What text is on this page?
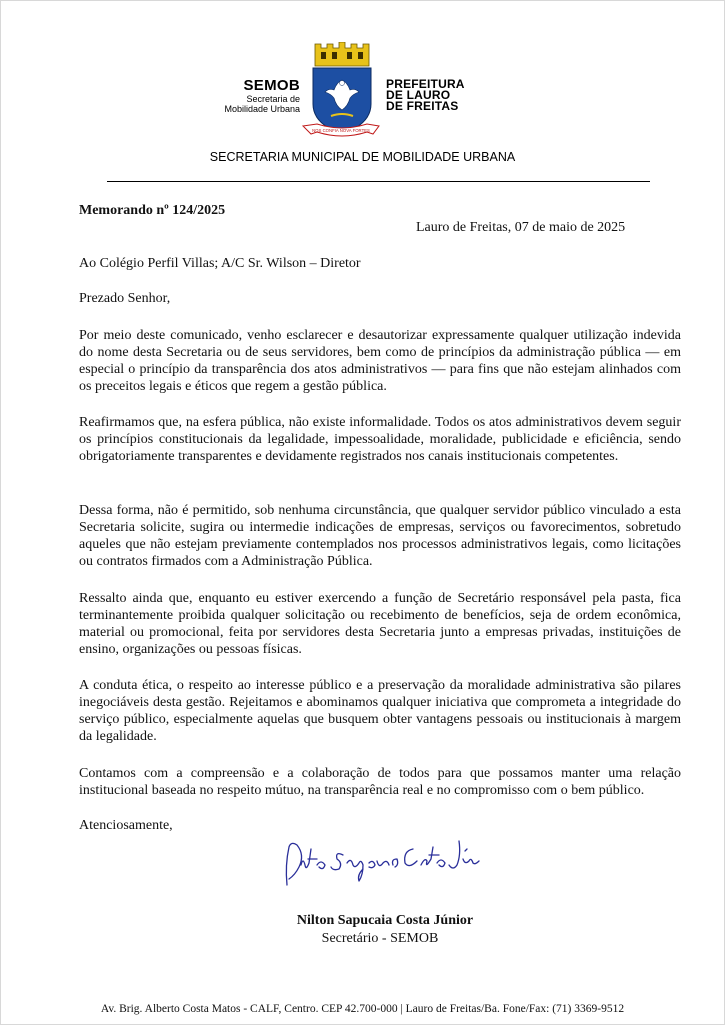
SEMOB
Secretaria de
Mobilidade Urbana
NOS CONFIA NOVA FORTES
PREFEITURA
DE LAURO
DE FREITAS
SECRETARIA MUNICIPAL DE MOBILIDADE URBANA
Memorando nº 124/2025
Lauro de Freitas, 07 de maio de 2025
Ao Colégio Perfil Villas; A/C Sr. Wilson – Diretor
Prezado Senhor,
Por meio deste comunicado, venho esclarecer e desautorizar expressamente qualquer utilização indevida do nome desta Secretaria ou de seus servidores, bem como de princípios da administração pública — em especial o princípio da transparência dos atos administrativos — para fins que não estejam alinhados com os preceitos legais e éticos que regem a gestão pública.
Reafirmamos que, na esfera pública, não existe informalidade. Todos os atos administrativos devem seguir os princípios constitucionais da legalidade, impessoalidade, moralidade, publicidade e eficiência, sendo obrigatoriamente transparentes e devidamente registrados nos canais institucionais competentes.
Dessa forma, não é permitido, sob nenhuma circunstância, que qualquer servidor público vinculado a esta Secretaria solicite, sugira ou intermedie indicações de empresas, serviços ou favorecimentos, sobretudo aqueles que não estejam previamente contemplados nos processos administrativos legais, como licitações ou contratos firmados com a Administração Pública.
Ressalto ainda que, enquanto eu estiver exercendo a função de Secretário responsável pela pasta, fica terminantemente proibida qualquer solicitação ou recebimento de benefícios, seja de ordem econômica, material ou promocional, feita por servidores desta Secretaria junto a empresas privadas, instituições de ensino, organizações ou pessoas físicas.
A conduta ética, o respeito ao interesse público e a preservação da moralidade administrativa são pilares inegociáveis desta gestão. Rejeitamos e abominamos qualquer iniciativa que comprometa a integridade do serviço público, especialmente aquelas que busquem obter vantagens pessoais ou institucionais à margem da legalidade.
Contamos com a compreensão e a colaboração de todos para que possamos manter uma relação institucional baseada no respeito mútuo, na transparência real e no compromisso com o bem público.
Atenciosamente,
Nilton Sapucaia Costa Júnior
Secretário - SEMOB
Av. Brig. Alberto Costa Matos - CALF, Centro. CEP 42.700-000 | Lauro de Freitas/Ba. Fone/Fax: (71) 3369-9512
